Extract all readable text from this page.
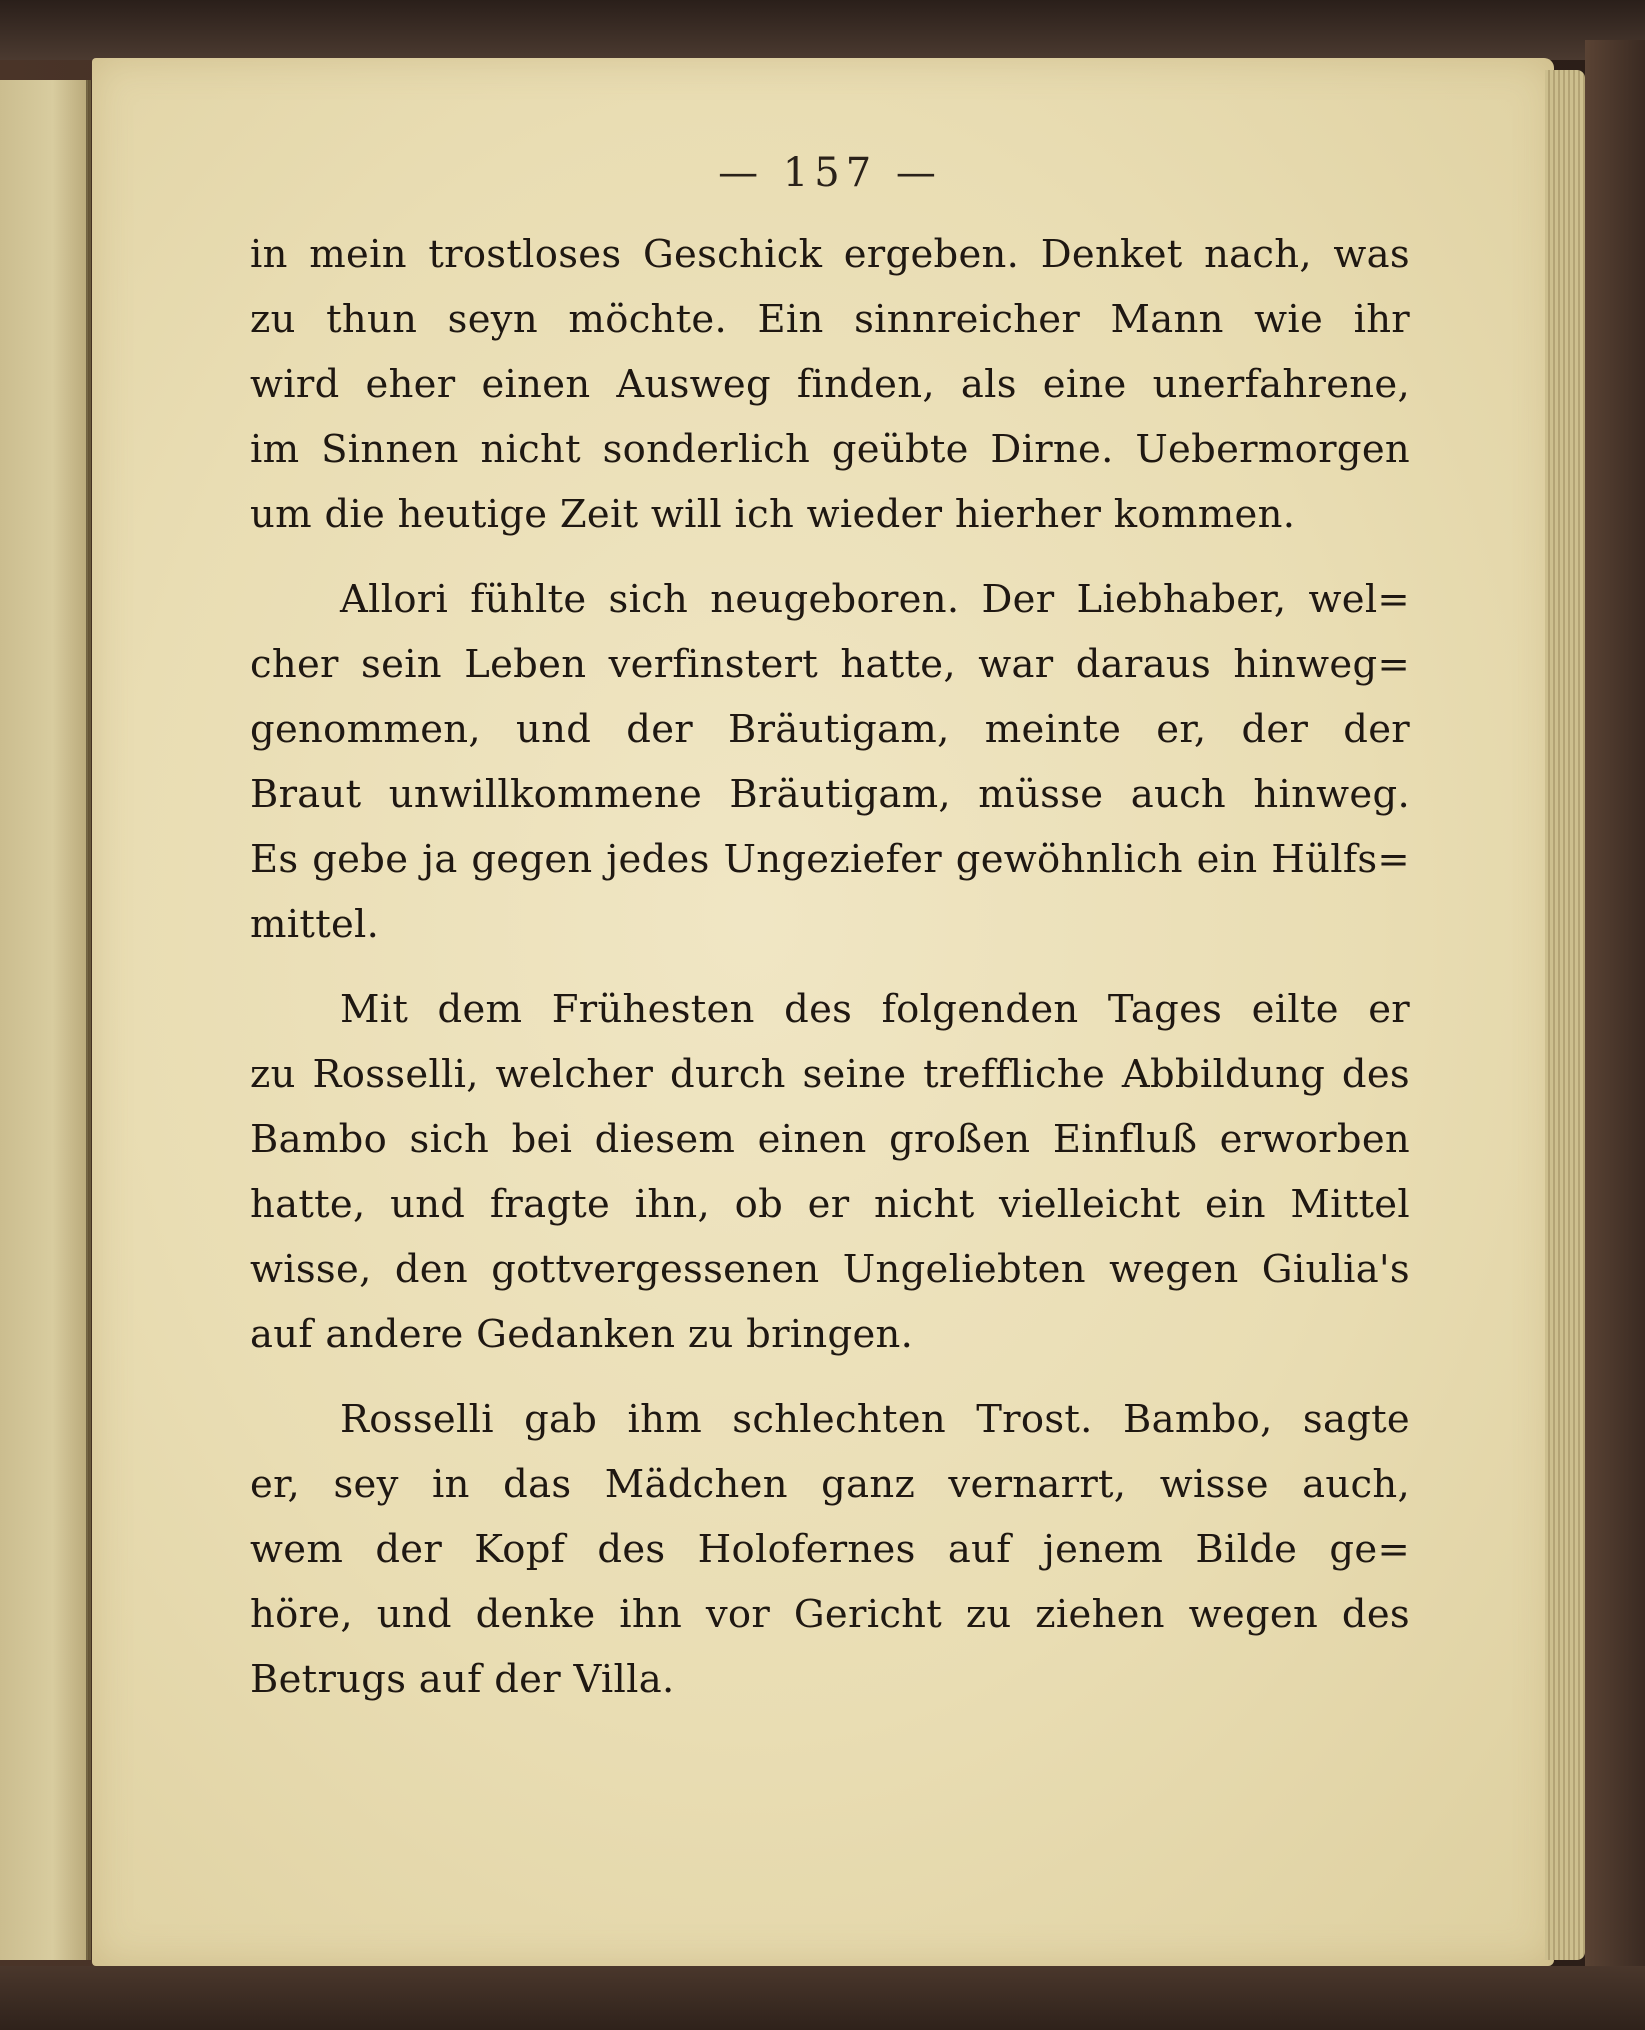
— 157 —
in mein trostloses Geschick ergeben. Denket nach, was
zu thun seyn möchte. Ein sinnreicher Mann wie ihr
wird eher einen Ausweg finden, als eine unerfahrene,
im Sinnen nicht sonderlich geübte Dirne. Uebermorgen
um die heutige Zeit will ich wieder hierher kommen.
Allori fühlte sich neugeboren. Der Liebhaber, wel=
cher sein Leben verfinstert hatte, war daraus hinweg=
genommen, und der Bräutigam, meinte er, der der
Braut unwillkommene Bräutigam, müsse auch hinweg.
Es gebe ja gegen jedes Ungeziefer gewöhnlich ein Hülfs=
mittel.
Mit dem Frühesten des folgenden Tages eilte er
zu Rosselli, welcher durch seine treffliche Abbildung des
Bambo sich bei diesem einen großen Einfluß erworben
hatte, und fragte ihn, ob er nicht vielleicht ein Mittel
wisse, den gottvergessenen Ungeliebten wegen Giulia's
auf andere Gedanken zu bringen.
Rosselli gab ihm schlechten Trost. Bambo, sagte
er, sey in das Mädchen ganz vernarrt, wisse auch,
wem der Kopf des Holofernes auf jenem Bilde ge=
höre, und denke ihn vor Gericht zu ziehen wegen des
Betrugs auf der Villa.
